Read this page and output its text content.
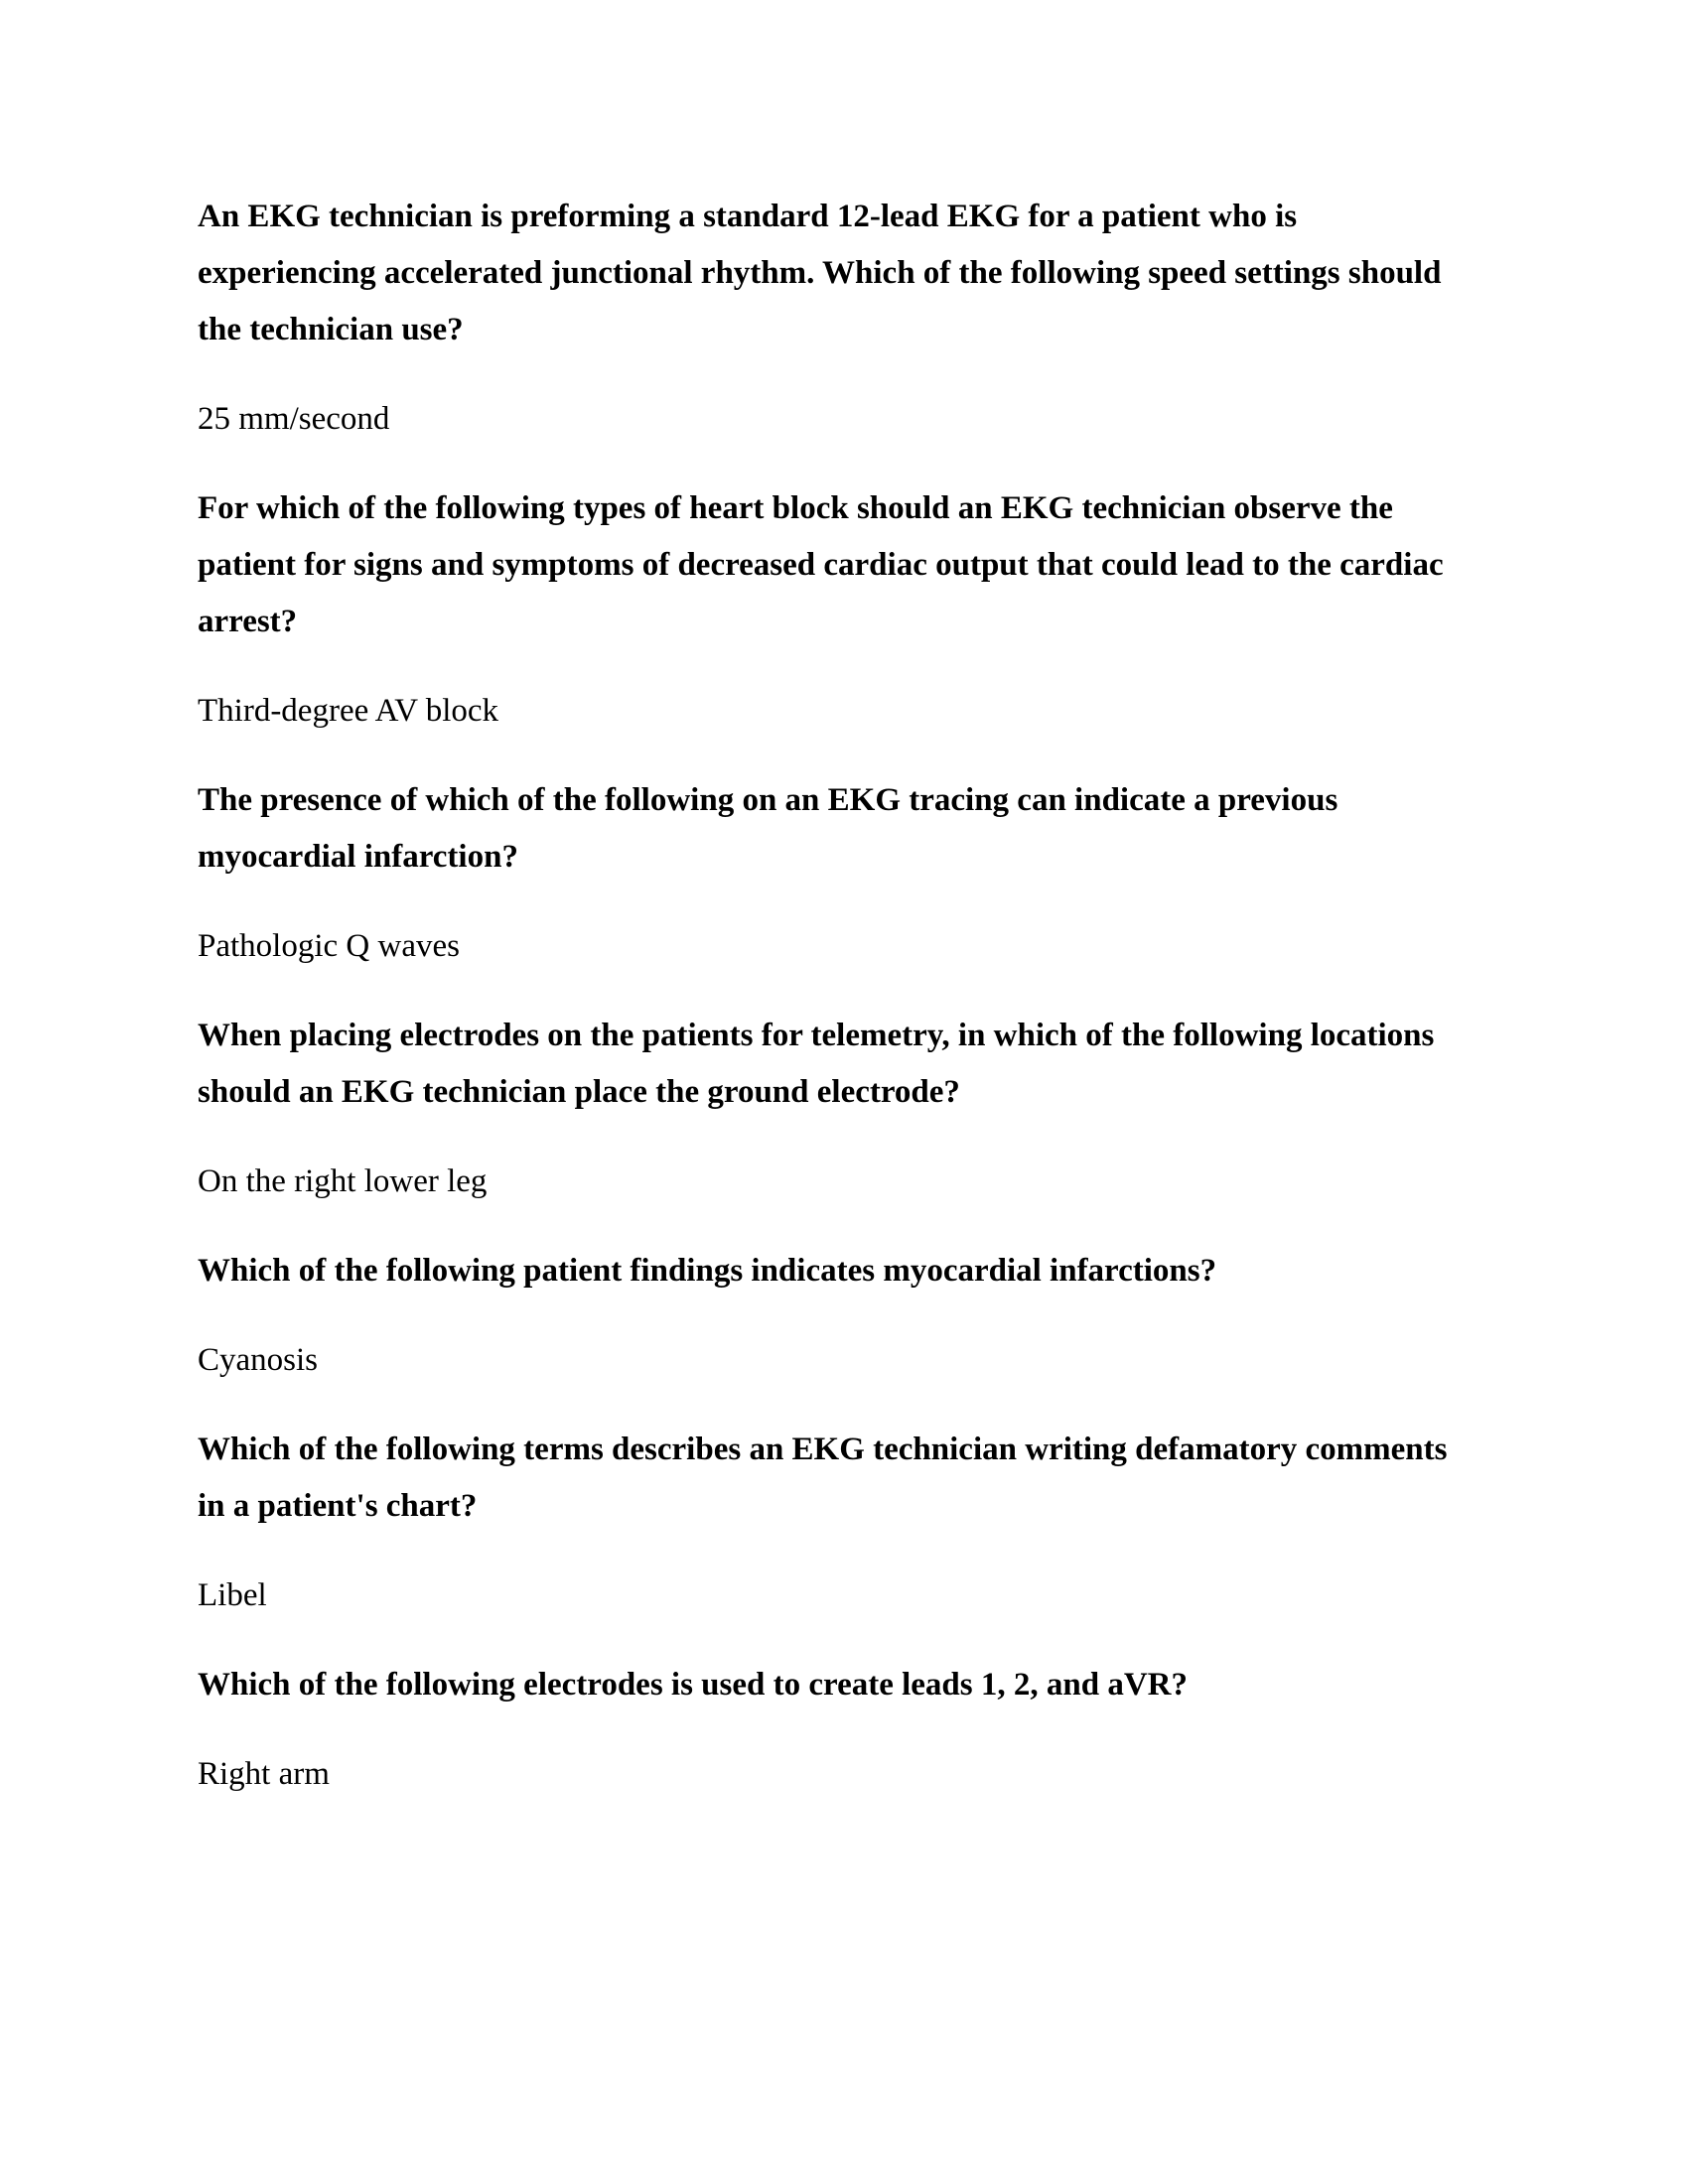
An EKG technician is preforming a standard 12-lead EKG for a patient who is experiencing accelerated junctional rhythm. Which of the following speed settings should the technician use?

25 mm/second

For which of the following types of heart block should an EKG technician observe the patient for signs and symptoms of decreased cardiac output that could lead to the cardiac arrest?

Third-degree AV block

The presence of which of the following on an EKG tracing can indicate a previous myocardial infarction?

Pathologic Q waves

When placing electrodes on the patients for telemetry, in which of the following locations should an EKG technician place the ground electrode?

On the right lower leg

Which of the following patient findings indicates myocardial infarctions?

Cyanosis

Which of the following terms describes an EKG technician writing defamatory comments in a patient's chart?

Libel

Which of the following electrodes is used to create leads 1, 2, and aVR?

Right arm
